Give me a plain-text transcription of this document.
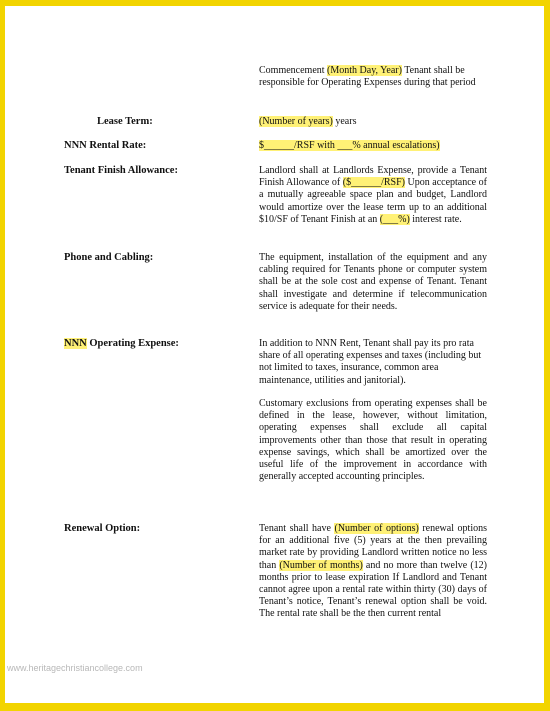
Commencement (Month Day, Year) Tenant shall be responsible for Operating Expenses during that period
Lease Term:	(Number of years) years
NNN Rental Rate:	$______/RSF with ___% annual escalations)
Tenant Finish Allowance:	Landlord shall at Landlords Expense, provide a Tenant Finish Allowance of ($______/RSF) Upon acceptance of a mutually agreeable space plan and budget, Landlord would amortize over the lease term up to an additional $10/SF of Tenant Finish at an (___%) interest rate.
Phone and Cabling:	The equipment, installation of the equipment and any cabling required for Tenants phone or computer system shall be at the sole cost and expense of Tenant. Tenant shall investigate and determine if telecommunication service is adequate for their needs.
NNN Operating Expense:	In addition to NNN Rent, Tenant shall pay its pro rata share of all operating expenses and taxes (including but not limited to taxes, insurance, common area maintenance, utilities and janitorial).
Customary exclusions from operating expenses shall be defined in the lease, however, without limitation, operating expenses shall exclude all capital improvements other than those that result in operating expense savings, which shall be amortized over the useful life of the improvement in accordance with generally accepted accounting principles.
Renewal Option:	Tenant shall have (Number of options) renewal options for an additional five (5) years at the then prevailing market rate by providing Landlord written notice no less than (Number of months) and no more than twelve (12) months prior to lease expiration If Landlord and Tenant cannot agree upon a rental rate within thirty (30) days of Tenant’s notice, Tenant’s renewal option shall be void. The rental rate shall be the then current rental
www.heritagechristiancollege.com
